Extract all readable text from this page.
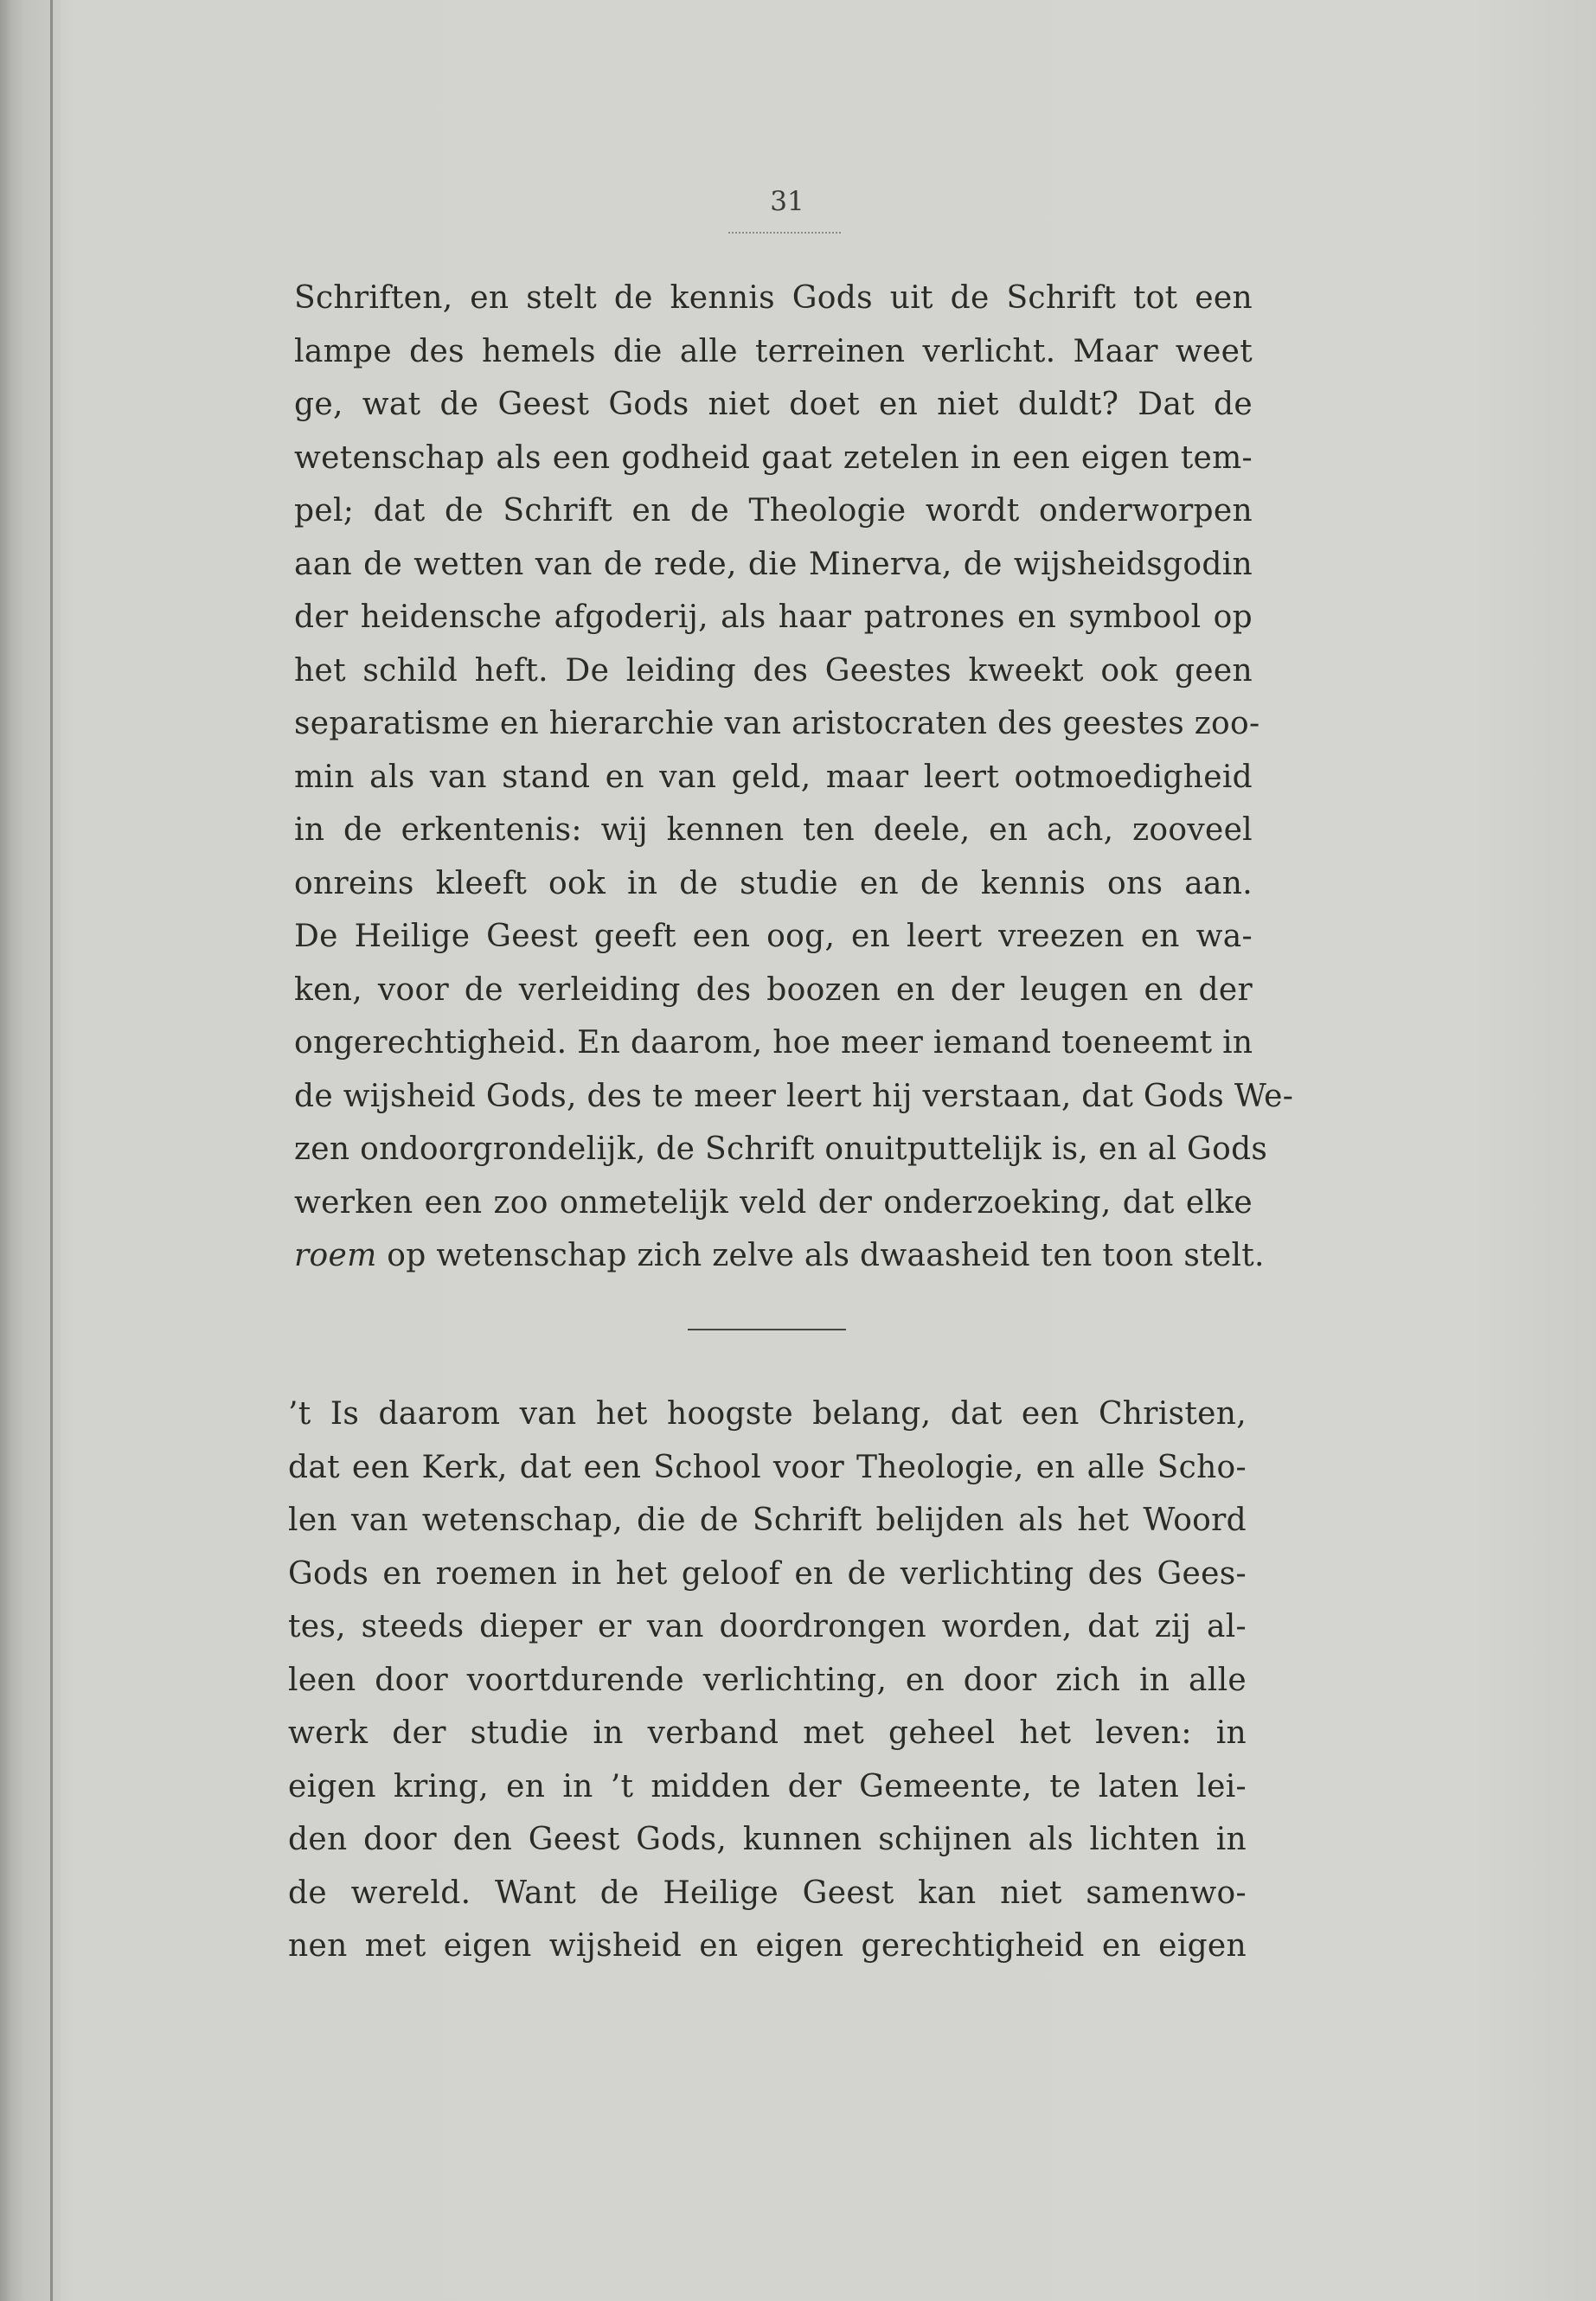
31
Schriften, en stelt de kennis Gods uit de Schrift tot een
lampe des hemels die alle terreinen verlicht. Maar weet
ge, wat de Geest Gods niet doet en niet duldt? Dat de
wetenschap als een godheid gaat zetelen in een eigen tem-
pel; dat de Schrift en de Theologie wordt onderworpen
aan de wetten van de rede, die Minerva, de wijsheidsgodin
der heidensche afgoderij, als haar patrones en symbool op
het schild heft. De leiding des Geestes kweekt ook geen
separatisme en hierarchie van aristocraten des geestes zoo-
min als van stand en van geld, maar leert ootmoedigheid
in de erkentenis: wij kennen ten deele, en ach, zooveel
onreins kleeft ook in de studie en de kennis ons aan.
De Heilige Geest geeft een oog, en leert vreezen en wa-
ken, voor de verleiding des boozen en der leugen en der
ongerechtigheid. En daarom, hoe meer iemand toeneemt in
de wijsheid Gods, des te meer leert hij verstaan, dat Gods We-
zen ondoorgrondelijk, de Schrift onuitputtelijk is, en al Gods
werken een zoo onmetelijk veld der onderzoeking, dat elke
roem op wetenschap zich zelve als dwaasheid ten toon stelt.
’t Is daarom van het hoogste belang, dat een Christen,
dat een Kerk, dat een School voor Theologie, en alle Scho-
len van wetenschap, die de Schrift belijden als het Woord
Gods en roemen in het geloof en de verlichting des Gees-
tes, steeds dieper er van doordrongen worden, dat zij al-
leen door voortdurende verlichting, en door zich in alle
werk der studie in verband met geheel het leven: in
eigen kring, en in ’t midden der Gemeente, te laten lei-
den door den Geest Gods, kunnen schijnen als lichten in
de wereld. Want de Heilige Geest kan niet samenwo-
nen met eigen wijsheid en eigen gerechtigheid en eigen
